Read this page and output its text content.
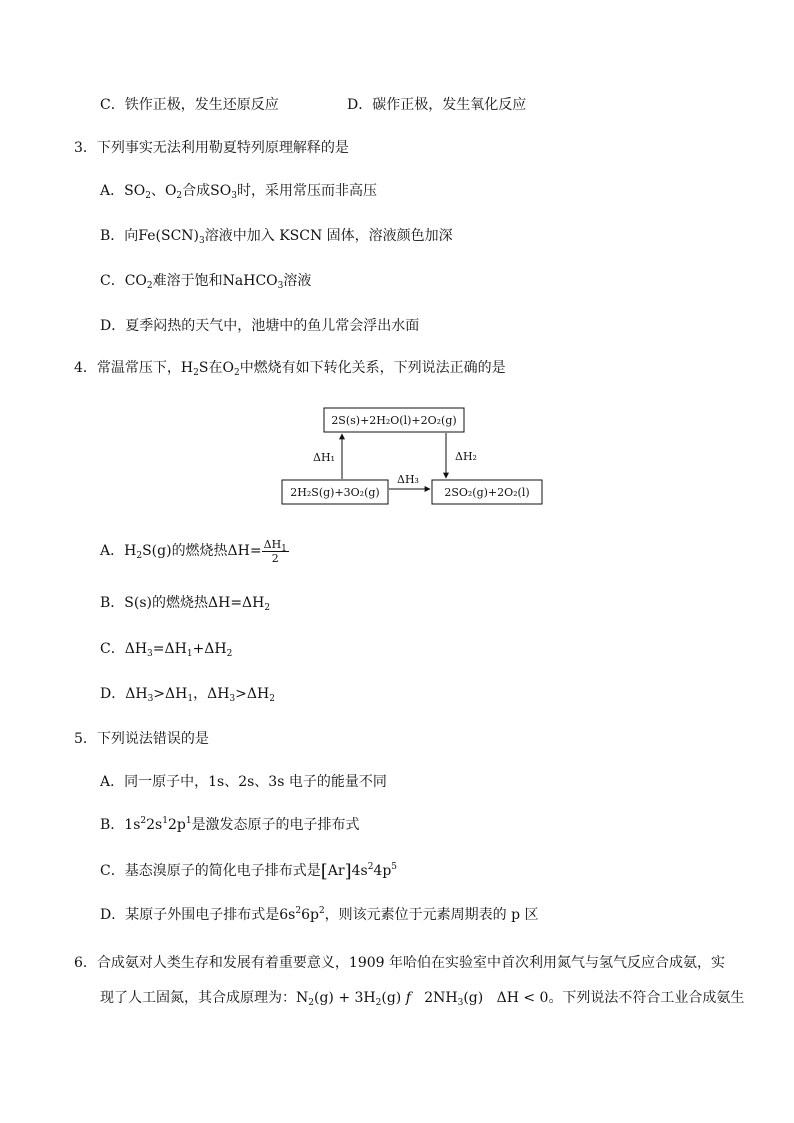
C．铁作正极，发生还原反应	D．碳作正极，发生氧化反应
3．下列事实无法利用勒夏特列原理解释的是
A．$SO_2$、$O_2$合成$SO_3$时，采用常压而非高压
B．向$Fe(SCN)_3$溶液中加入 KSCN 固体，溶液颜色加深
C．$CO_2$难溶于饱和NaHCO$_3$溶液
D．夏季闷热的天气中，池塘中的鱼儿常会浮出水面
4．常温常压下，$H_2S$在$O_2$中燃烧有如下转化关系，下列说法正确的是
2S(s)+2H₂O(l)+2O₂(g)
2H₂S(g)+3O₂(g)	2SO₂(g)+2O₂(l)
ΔH₁	ΔH₂
ΔH₃
A．$H_2S(g)$的燃烧热$\Delta H= \frac{\Delta H_1}{2}$
B．S(s)的燃烧热$\Delta H=\Delta H_2$
C．$\Delta H_3=\Delta H_1+\Delta H_2$
D．$\Delta H_3>\Delta H_1$，$\Delta H_3>\Delta H_2$
5．下列说法错误的是
A．同一原子中，1s、2s、3s 电子的能量不同
B．$1s^22s^12p^1$是激发态原子的电子排布式
C．基态溴原子的简化电子排布式是$[Ar]4s^24p^5$
D．某原子外围电子排布式是$6s^26p^2$，则该元素位于元素周期表的 p 区
6．合成氨对人类生存和发展有着重要意义，1909 年哈伯在实验室中首次利用氮气与氢气反应合成氨，实
现了人工固氮，其合成原理为：$N_2(g) + 3H_2(g)$ f   $2NH_3(g) \Delta H < 0$。下列说法不符合工业合成氨生
